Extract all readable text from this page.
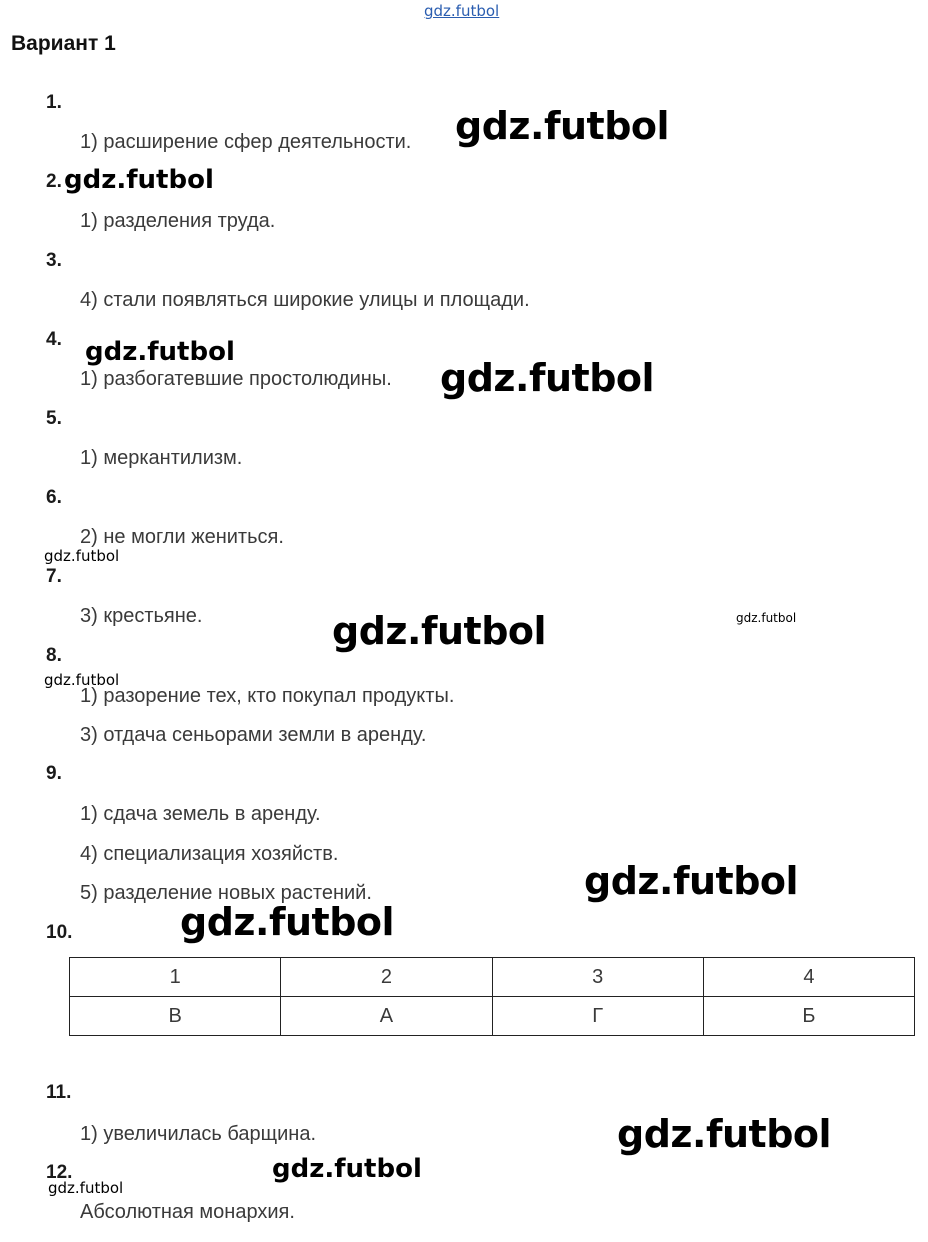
gdz.futbol
Вариант 1
1.
1) расширение сфер деятельности.
2.
1) разделения труда.
3.
4) стали появляться широкие улицы и площади.
4.
1) разбогатевшие простолюдины.
5.
1) меркантилизм.
6.
2) не могли жениться.
7.
3) крестьяне.
8.
1) разорение тех, кто покупал продукты.
3) отдача сеньорами земли в аренду.
9.
1) сдача земель в аренду.
4) специализация хозяйств.
5) разделение новых растений.
10.
1	2	3	4
В	А	Г	Б
11.
1) увеличилась барщина.
12.
Абсолютная монархия.
gdz.futbol
gdz.futbol
gdz.futbol
gdz.futbol
gdz.futbol
gdz.futbol	gdz.futbol
gdz.futbol
gdz.futbol
gdz.futbol
gdz.futbol
gdz.futbol
gdz.futbol
